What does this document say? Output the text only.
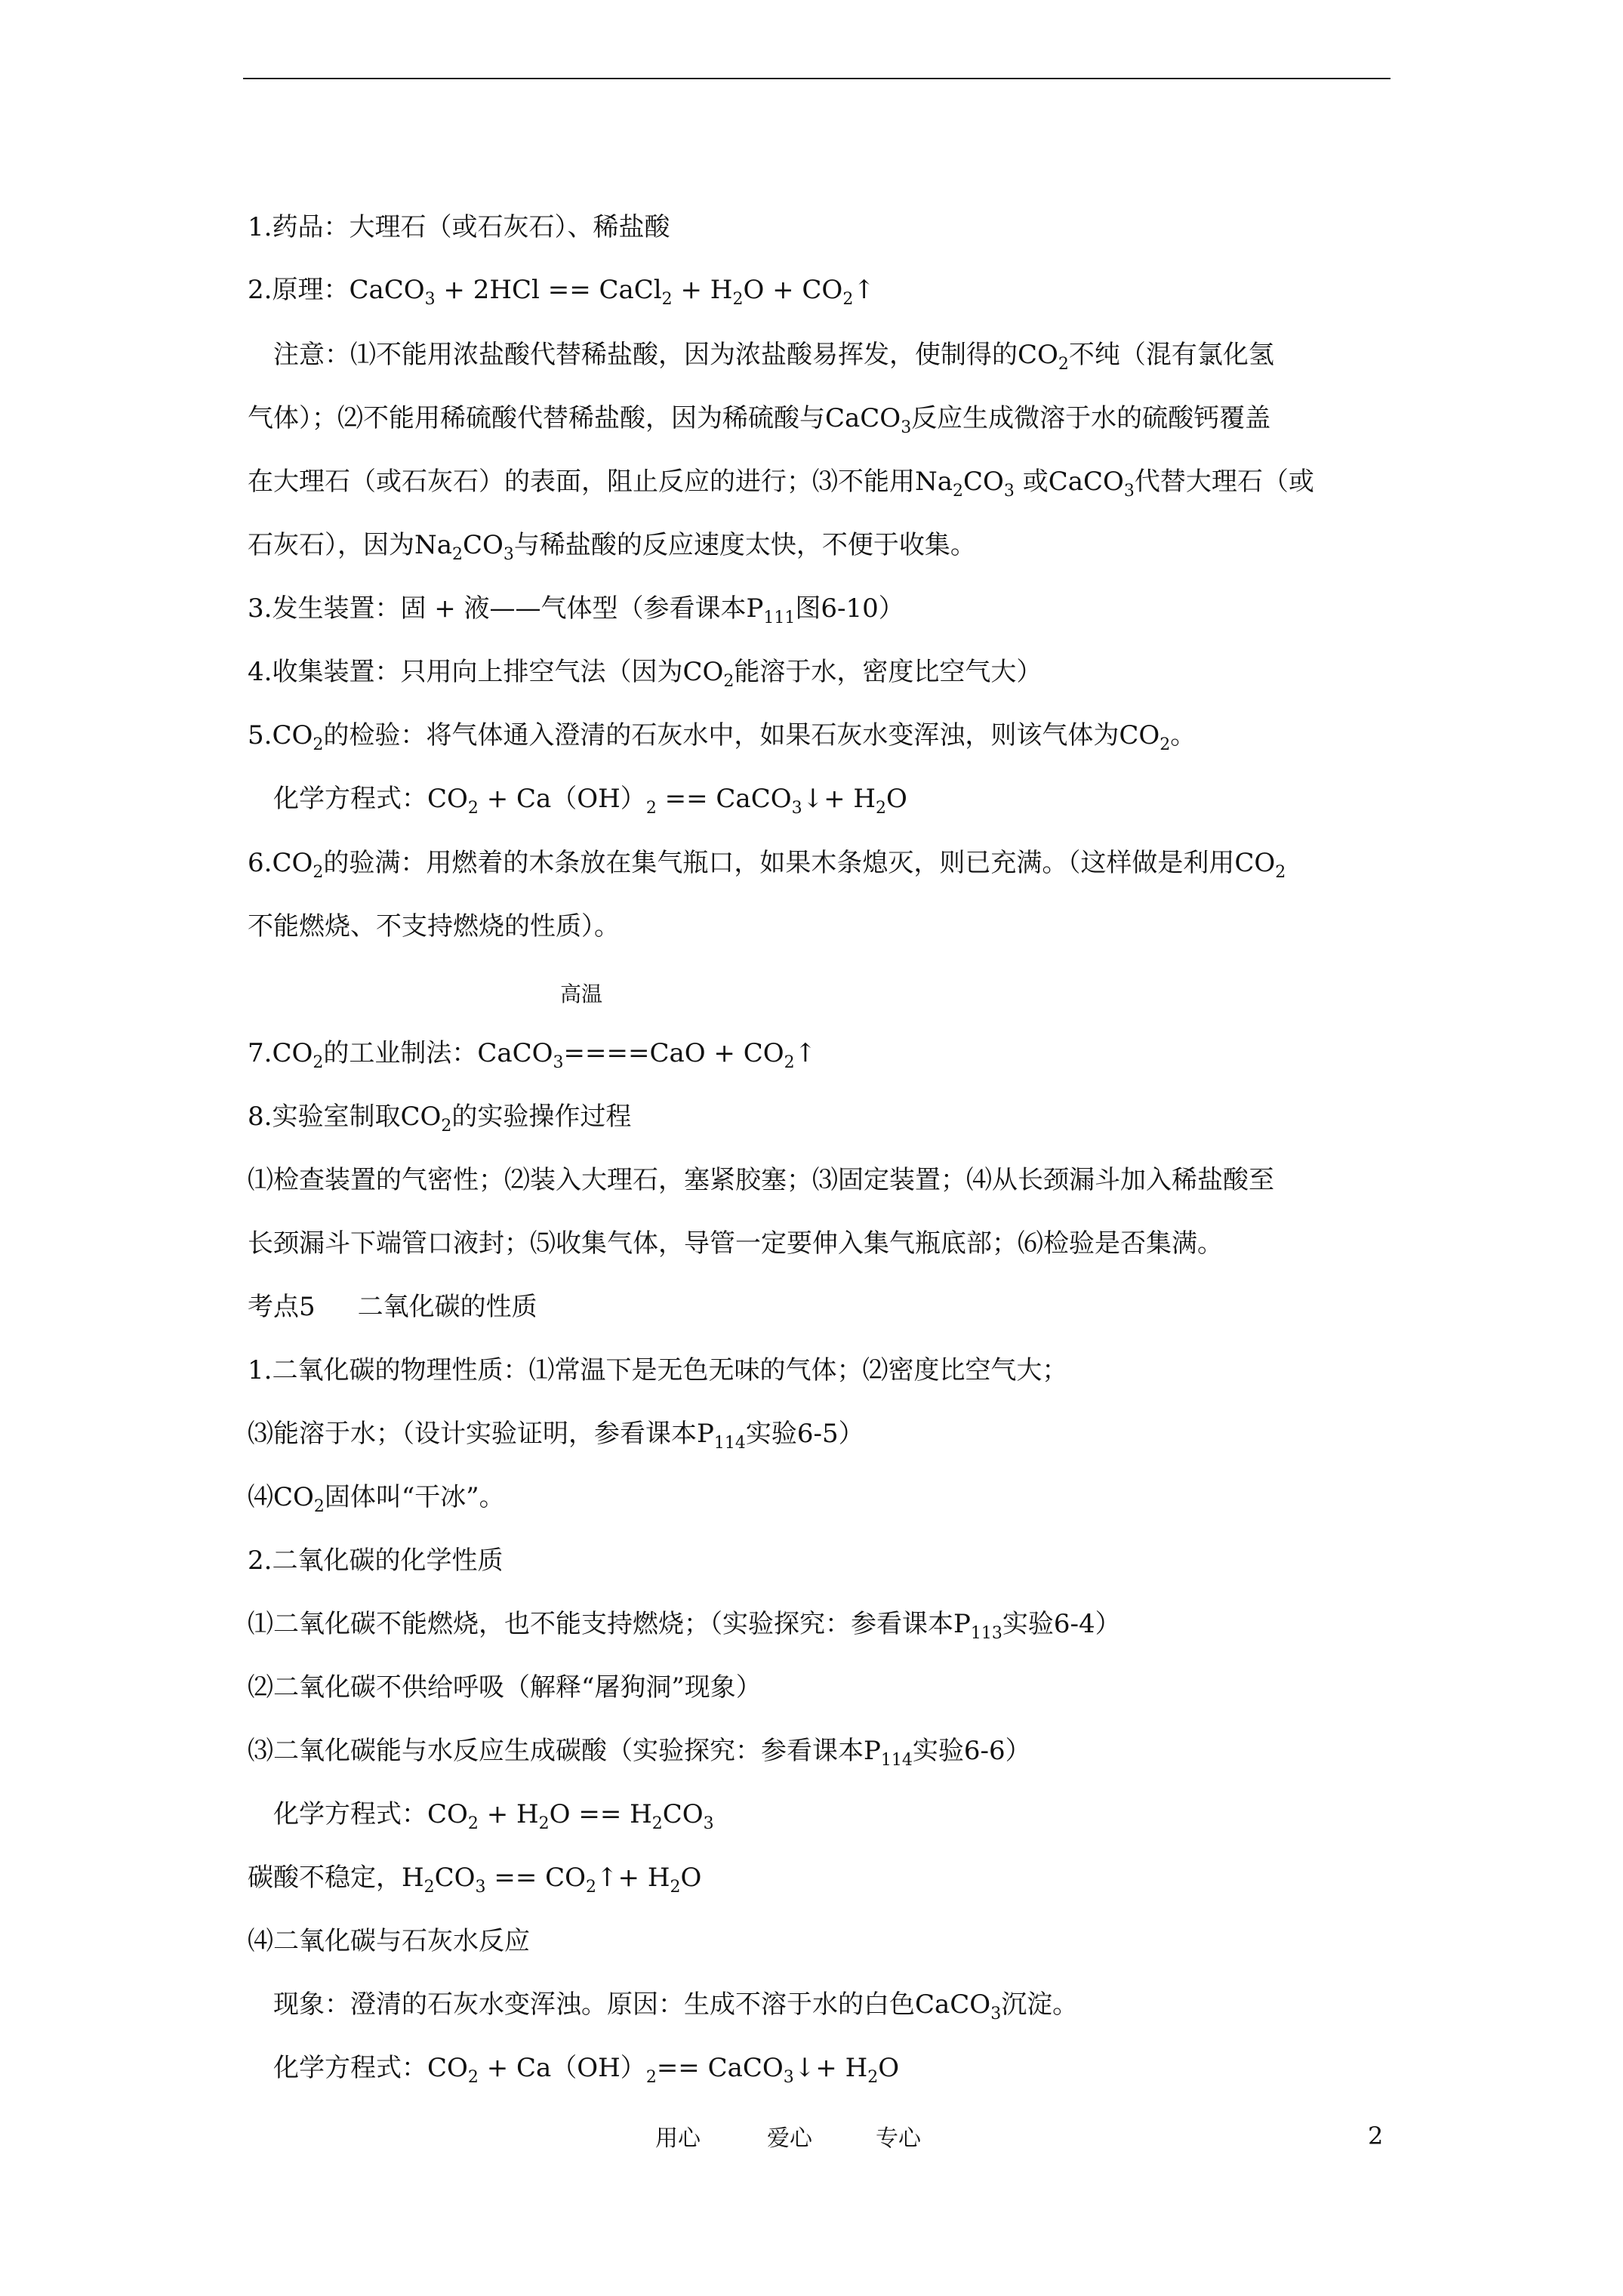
1.药品：大理石（或石灰石）、稀盐酸
2.原理：CaCO$_3$ + 2HCl == CaCl$_2$ + $H_2O$ + $CO_2↑$
注意：⑴不能用浓盐酸代替稀盐酸，因为浓盐酸易挥发，使制得的$CO_2$不纯（混有氯化氢
气体）；⑵不能用稀硫酸代替稀盐酸，因为稀硫酸与CaCO$_3$反应生成微溶于水的硫酸钙覆盖
在大理石（或石灰石）的表面，阻止反应的进行；⑶不能用$Na_2CO_3$ 或CaCO$_3$代替大理石（或
石灰石），因为$Na_2CO_3$与稀盐酸的反应速度太快，不便于收集。
3.发生装置：固 + 液——气体型（参看课本$P_{111}$图6-10）
4.收集装置：只用向上排空气法（因为$CO_2$能溶于水，密度比空气大）
$5.CO_2$的检验：将气体通入澄清的石灰水中，如果石灰水变浑浊，则该气体为$CO_2$。
化学方程式：$CO_2 + Ca(OH)_2$ == CaCO$_3$↓+ $H_2O$
$6.CO_2$的验满：用燃着的木条放在集气瓶口，如果木条熄灭，则已充满。（这样做是利用$CO_2$
不能燃烧、不支持燃烧的性质）。
高温
$7.CO_2$的工业制法：CaCO$_3$====CaO + $CO_2↑$
8.实验室制取$CO_2$的实验操作过程
⑴检查装置的气密性；⑵装入大理石，塞紧胶塞；⑶固定装置；⑷从长颈漏斗加入稀盐酸至
长颈漏斗下端管口液封；⑸收集气体，导管一定要伸入集气瓶底部；⑹检验是否集满。
考点5 二氧化碳的性质
1.二氧化碳的物理性质：⑴常温下是无色无味的气体；⑵密度比空气大；
⑶能溶于水；（设计实验证明，参看课本$P_{114}$实验6-5）
$⑷CO_2$固体叫“干冰”。
2.二氧化碳的化学性质
⑴二氧化碳不能燃烧，也不能支持燃烧；（实验探究：参看课本$P_{113}$实验6-4）
⑵二氧化碳不供给呼吸（解释“屠狗洞”现象）
⑶二氧化碳能与水反应生成碳酸（实验探究：参看课本$P_{114}$实验6-6）
化学方程式：$CO_2 + H_2O == H_2CO_3$
碳酸不稳定，$H_2CO_3$ == $CO_2↑+ H_2O$
⑷二氧化碳与石灰水反应
现象：澄清的石灰水变浑浊。原因：生成不溶于水的白色CaCO$_3$沉淀。
化学方程式：$CO_2 + Ca(OH)_2==$ CaCO$_3$↓+ $H_2O$
用心	爱心	专心	2
